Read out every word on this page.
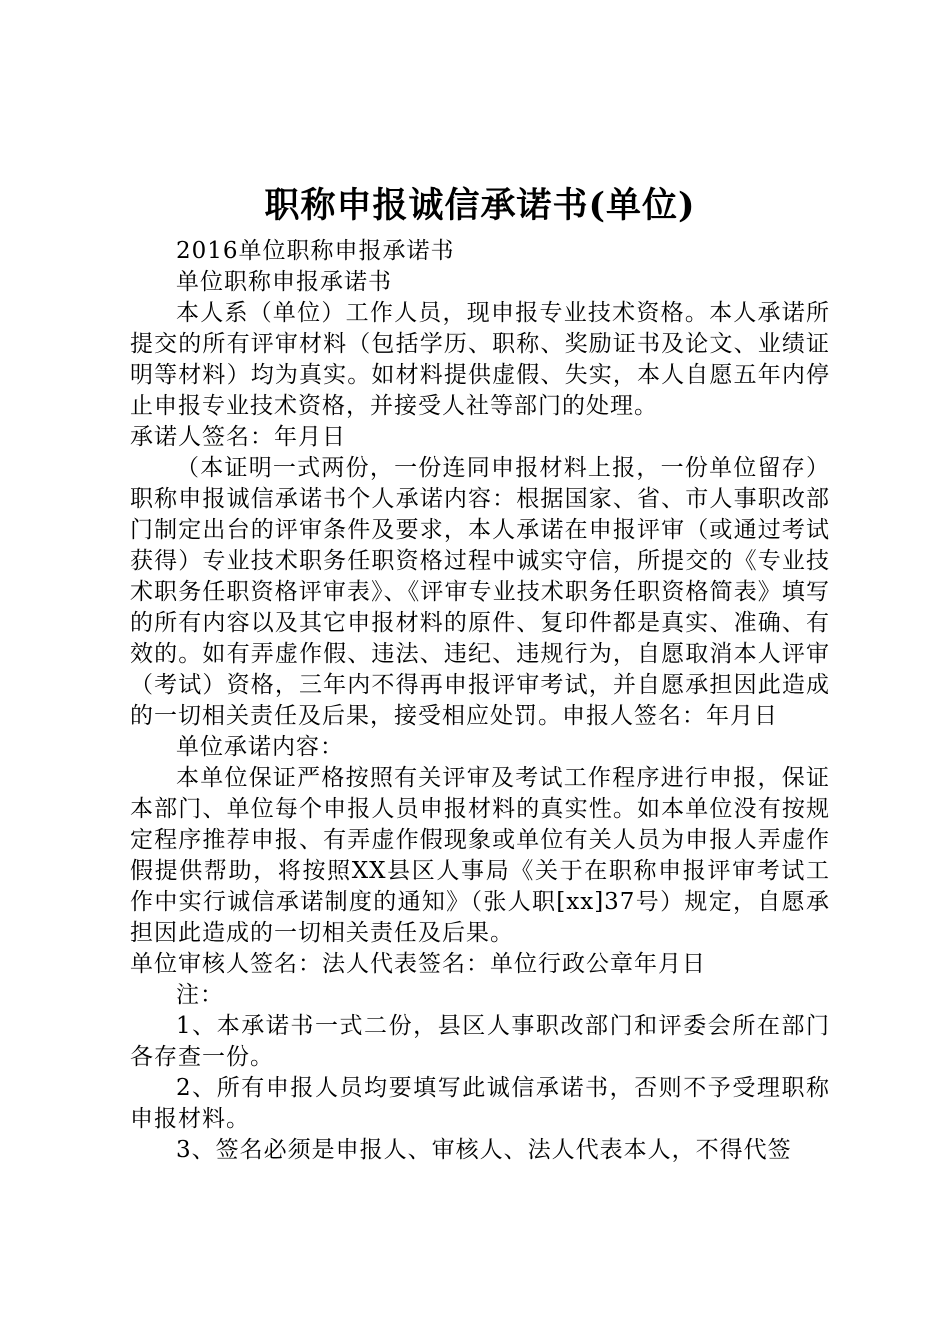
职称申报诚信承诺书(单位)

2016单位职称申报承诺书

单位职称申报承诺书

本人系（单位）工作人员，现申报专业技术资格。本人承诺所提交的所有评审材料（包括学历、职称、奖励证书及论文、业绩证明等材料）均为真实。如材料提供虚假、失实，本人自愿五年内停止申报专业技术资格，并接受人社等部门的处理。

承诺人签名：年月日

（本证明一式两份，一份连同申报材料上报，一份单位留存）职称申报诚信承诺书个人承诺内容：根据国家、省、市人事职改部门制定出台的评审条件及要求，本人承诺在申报评审（或通过考试获得）专业技术职务任职资格过程中诚实守信，所提交的《专业技术职务任职资格评审表》、《评审专业技术职务任职资格简表》填写的所有内容以及其它申报材料的原件、复印件都是真实、准确、有效的。如有弄虚作假、违法、违纪、违规行为，自愿取消本人评审（考试）资格，三年内不得再申报评审考试，并自愿承担因此造成的一切相关责任及后果，接受相应处罚。申报人签名：年月日

单位承诺内容：

本单位保证严格按照有关评审及考试工作程序进行申报，保证本部门、单位每个申报人员申报材料的真实性。如本单位没有按规定程序推荐申报、有弄虚作假现象或单位有关人员为申报人弄虚作假提供帮助，将按照XX县区人事局《关于在职称申报评审考试工作中实行诚信承诺制度的通知》（张人职[xx]37号）规定，自愿承担因此造成的一切相关责任及后果。

单位审核人签名：法人代表签名：单位行政公章年月日

注：

1、本承诺书一式二份，县区人事职改部门和评委会所在部门各存查一份。

2、所有申报人员均要填写此诚信承诺书，否则不予受理职称申报材料。

3、签名必须是申报人、审核人、法人代表本人，不得代签
